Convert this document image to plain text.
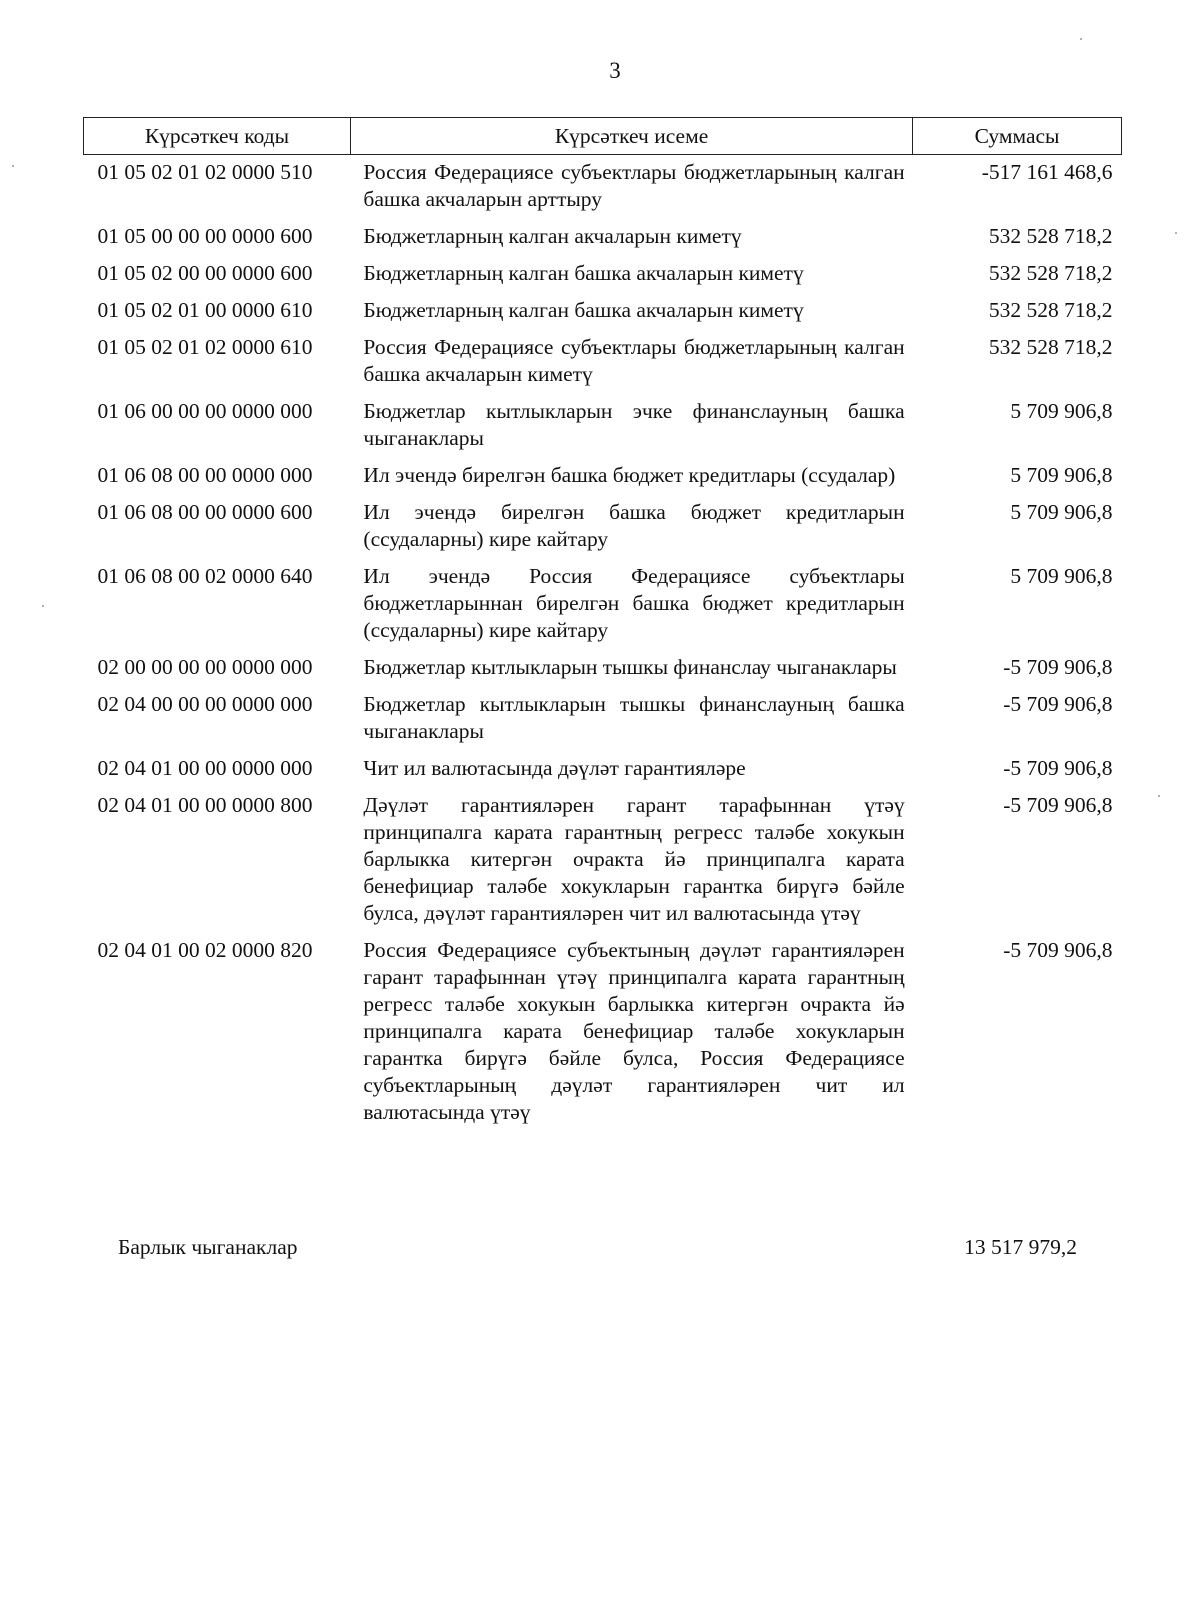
3
Күрсәткеч коды	Күрсәткеч исеме	Суммасы
01 05 02 01 02 0000 510	Россия Федерациясе субъектлары бюджетларының калган башка акчаларын арттыру	-517 161 468,6
01 05 00 00 00 0000 600	Бюджетларның калган акчаларын киметү	532 528 718,2
01 05 02 00 00 0000 600	Бюджетларның калган башка акчаларын киметү	532 528 718,2
01 05 02 01 00 0000 610	Бюджетларның калган башка акчаларын киметү	532 528 718,2
01 05 02 01 02 0000 610	Россия Федерациясе субъектлары бюджетларының калган башка акчаларын киметү	532 528 718,2
01 06 00 00 00 0000 000	Бюджетлар кытлыкларын эчке финанслауның башка чыганаклары	5 709 906,8
01 06 08 00 00 0000 000	Ил эчендә бирелгән башка бюджет кредитлары (ссудалар)	5 709 906,8
01 06 08 00 00 0000 600	Ил эчендә бирелгән башка бюджет кредитларын (ссудаларны) кире кайтару	5 709 906,8
01 06 08 00 02 0000 640	Ил эчендә Россия Федерациясе субъектлары бюджетларыннан бирелгән башка бюджет кредитларын (ссудаларны) кире кайтару	5 709 906,8
02 00 00 00 00 0000 000	Бюджетлар кытлыкларын тышкы финанслау чыганаклары	-5 709 906,8
02 04 00 00 00 0000 000	Бюджетлар кытлыкларын тышкы финанслауның башка чыганаклары	-5 709 906,8
02 04 01 00 00 0000 000	Чит ил валютасында дәүләт гарантияләре	-5 709 906,8
02 04 01 00 00 0000 800	Дәүләт гарантияләрен гарант тарафыннан үтәү принципалга карата гарантның регресс таләбе хокукын барлыкка китергән очракта йә принципалга карата бенефициар таләбе хокукларын гарантка бирүгә бәйле булса, дәүләт гарантияләрен чит ил валютасында үтәү	-5 709 906,8
02 04 01 00 02 0000 820	Россия Федерациясе субъектының дәүләт гарантияләрен гарант тарафыннан үтәү принципалга карата гарантның регресс таләбе хокукын барлыкка китергән очракта йә принципалга карата бенефициар таләбе хокукларын гарантка бирүгә бәйле булса, Россия Федерациясе субъектларының дәүләт гарантияләрен чит ил валютасында үтәү	-5 709 906,8
Барлык чыганаклар	13 517 979,2
